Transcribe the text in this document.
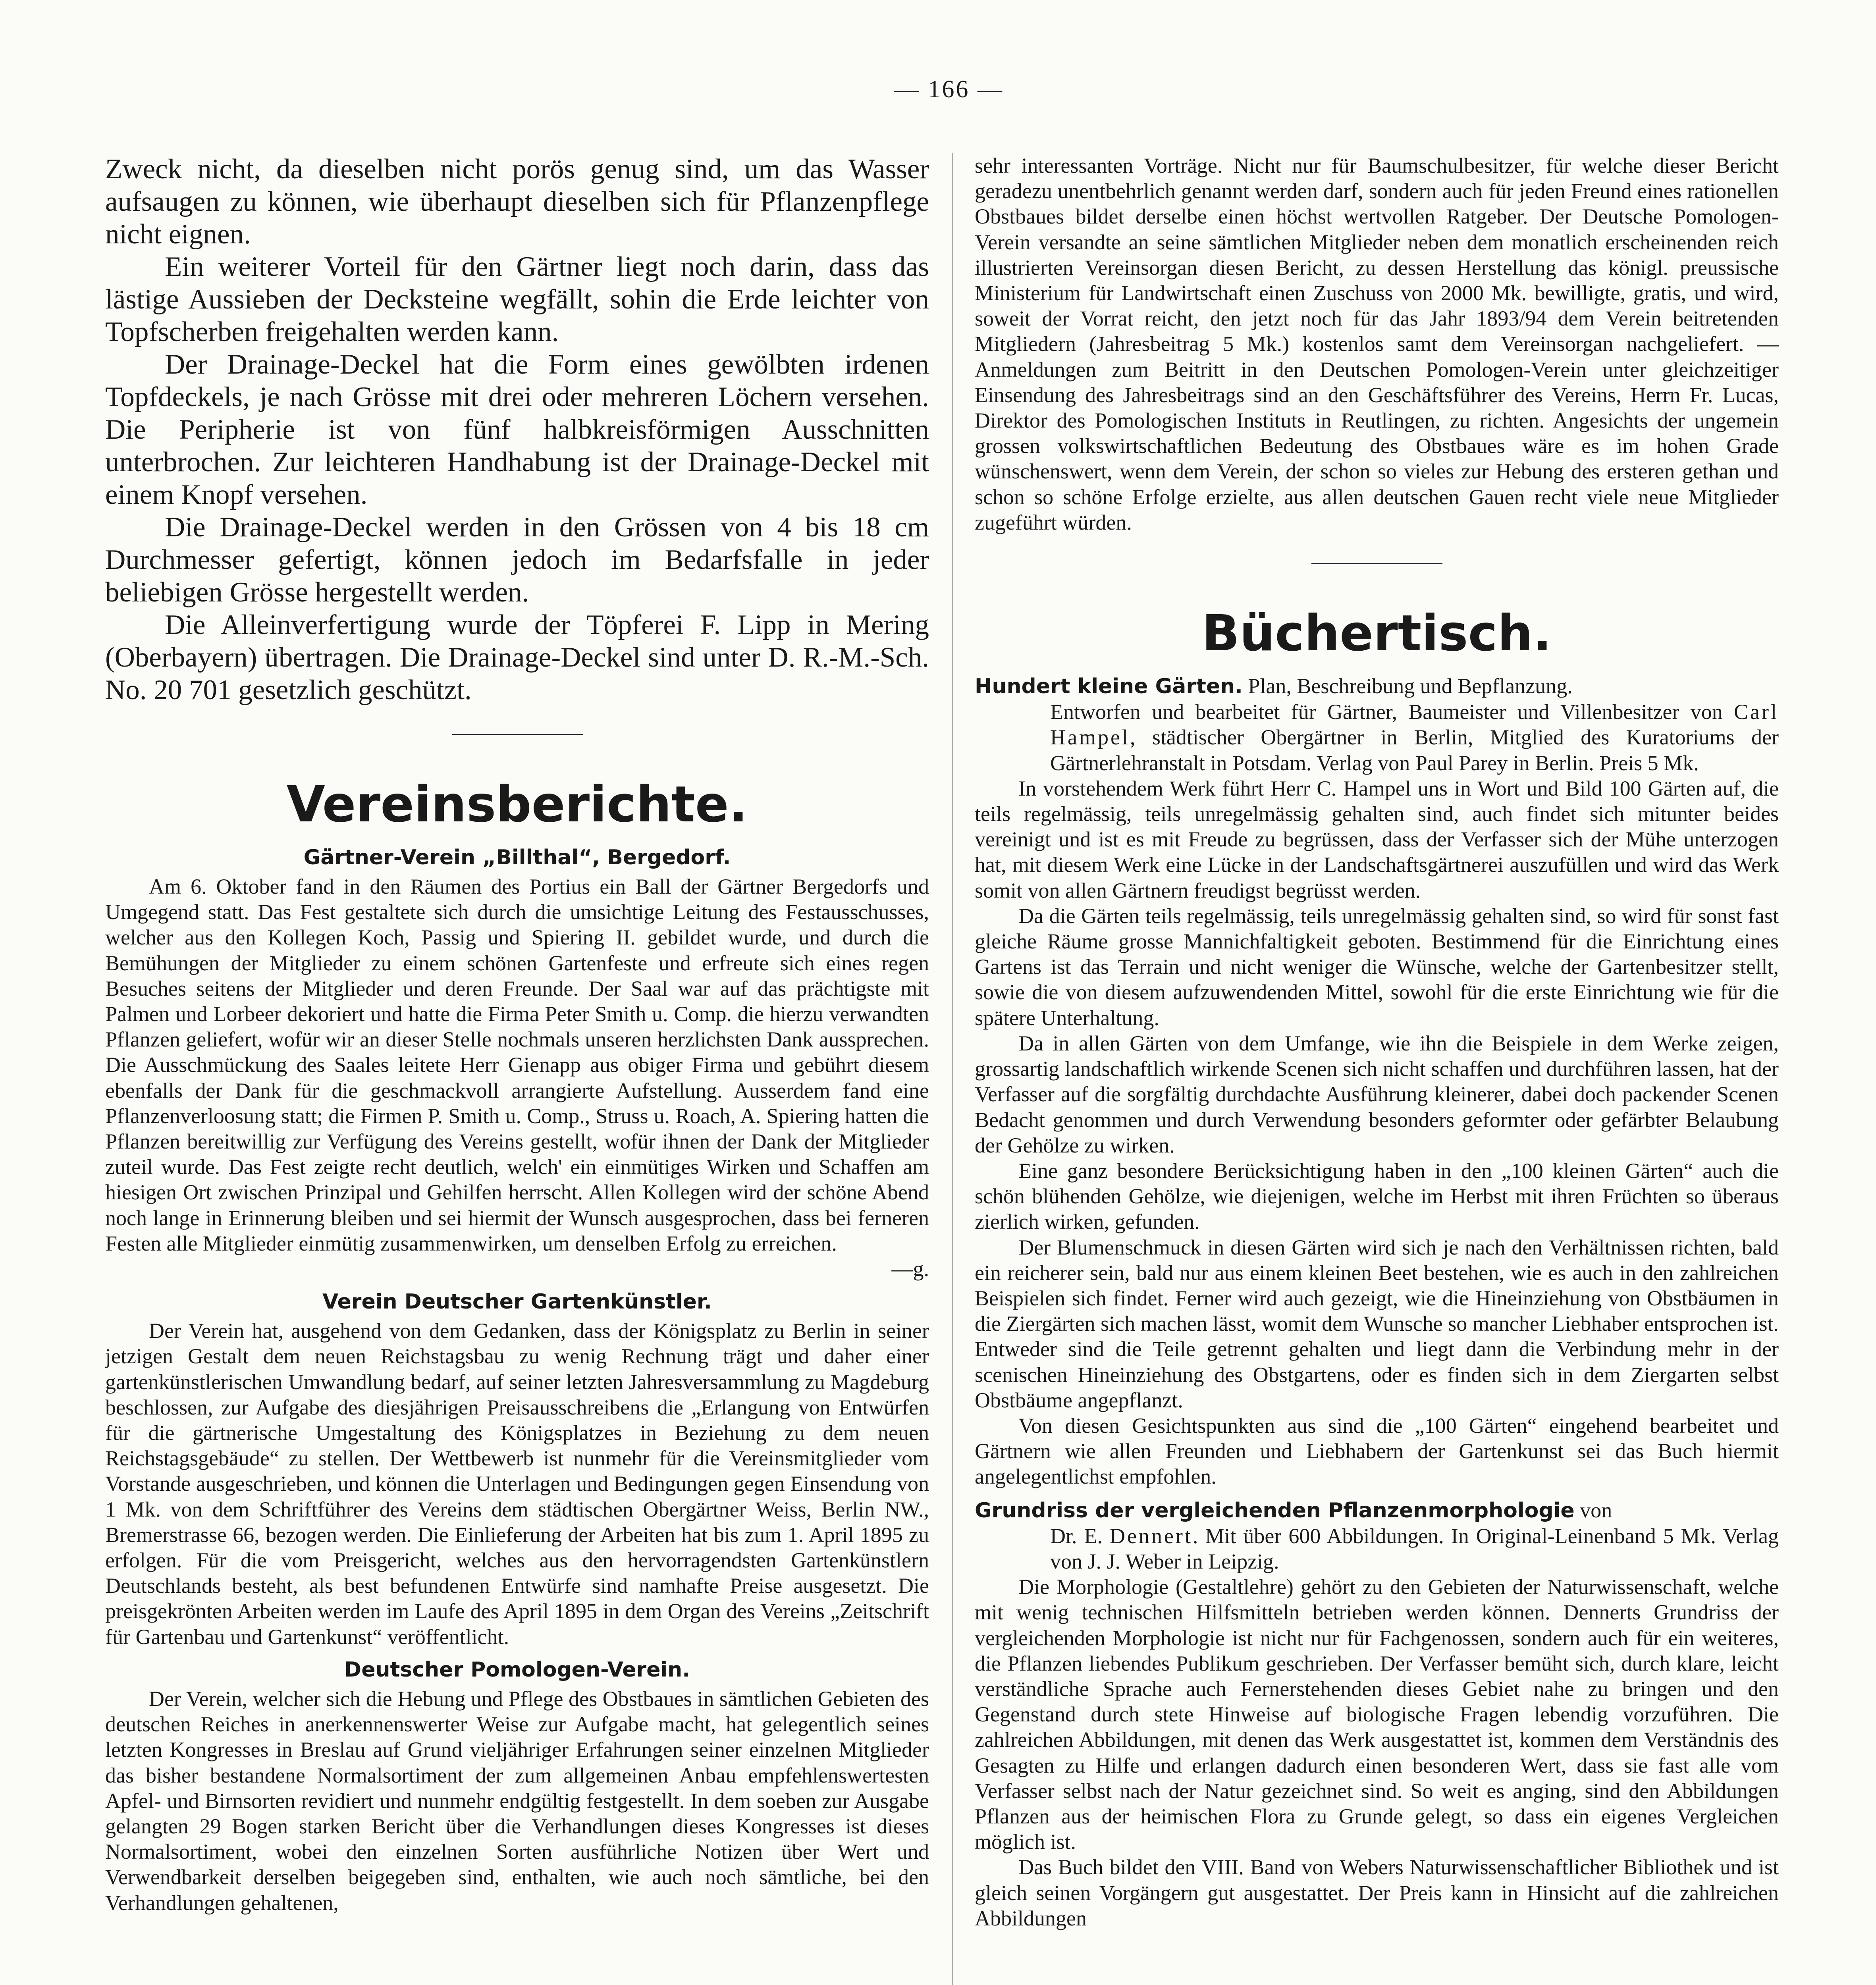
— 166 —

Zweck nicht, da dieselben nicht porös genug sind, um das Wasser aufsaugen zu können, wie überhaupt dieselben sich für Pflanzenpflege nicht eignen.

Ein weiterer Vorteil für den Gärtner liegt noch darin, dass das lästige Aussieben der Decksteine wegfällt, sohin die Erde leichter von Topfscherben freigehalten werden kann.

Der Drainage-Deckel hat die Form eines gewölbten irdenen Topfdeckels, je nach Grösse mit drei oder mehreren Löchern versehen. Die Peripherie ist von fünf halbkreisförmigen Ausschnitten unterbrochen. Zur leichteren Handhabung ist der Drainage-Deckel mit einem Knopf versehen.

Die Drainage-Deckel werden in den Grössen von 4 bis 18 cm Durchmesser gefertigt, können jedoch im Bedarfsfalle in jeder beliebigen Grösse hergestellt werden.

Die Alleinverfertigung wurde der Töpferei F. Lipp in Mering (Oberbayern) übertragen. Die Drainage-Deckel sind unter D. R.-M.-Sch. No. 20 701 gesetzlich geschützt.

Vereinsberichte.
Gärtner-Verein „Billthal“, Bergedorf.

Am 6. Oktober fand in den Räumen des Portius ein Ball der Gärtner Bergedorfs und Umgegend statt. Das Fest gestaltete sich durch die umsichtige Leitung des Festausschusses, welcher aus den Kollegen Koch, Passig und Spiering II. gebildet wurde, und durch die Bemühungen der Mitglieder zu einem schönen Gartenfeste und erfreute sich eines regen Besuches seitens der Mitglieder und deren Freunde. Der Saal war auf das prächtigste mit Palmen und Lorbeer dekoriert und hatte die Firma Peter Smith u. Comp. die hierzu verwandten Pflanzen geliefert, wofür wir an dieser Stelle nochmals unseren herzlichsten Dank aussprechen. Die Ausschmückung des Saales leitete Herr Gienapp aus obiger Firma und gebührt diesem ebenfalls der Dank für die geschmackvoll arrangierte Aufstellung. Ausserdem fand eine Pflanzenverloosung statt; die Firmen P. Smith u. Comp., Struss u. Roach, A. Spiering hatten die Pflanzen bereitwillig zur Verfügung des Vereins gestellt, wofür ihnen der Dank der Mitglieder zuteil wurde. Das Fest zeigte recht deutlich, welch' ein einmütiges Wirken und Schaffen am hiesigen Ort zwischen Prinzipal und Gehilfen herrscht. Allen Kollegen wird der schöne Abend noch lange in Erinnerung bleiben und sei hiermit der Wunsch ausgesprochen, dass bei ferneren Festen alle Mitglieder einmütig zusammenwirken, um denselben Erfolg zu erreichen.
—g.

Verein Deutscher Gartenkünstler.

Der Verein hat, ausgehend von dem Gedanken, dass der Königsplatz zu Berlin in seiner jetzigen Gestalt dem neuen Reichstagsbau zu wenig Rechnung trägt und daher einer gartenkünstlerischen Umwandlung bedarf, auf seiner letzten Jahresversammlung zu Magdeburg beschlossen, zur Aufgabe des diesjährigen Preisausschreibens die „Erlangung von Entwürfen für die gärtnerische Umgestaltung des Königsplatzes in Beziehung zu dem neuen Reichstagsgebäude“ zu stellen. Der Wettbewerb ist nunmehr für die Vereinsmitglieder vom Vorstande ausgeschrieben, und können die Unterlagen und Bedingungen gegen Einsendung von 1 Mk. von dem Schriftführer des Vereins dem städtischen Obergärtner Weiss, Berlin NW., Bremerstrasse 66, bezogen werden. Die Einlieferung der Arbeiten hat bis zum 1. April 1895 zu erfolgen. Für die vom Preisgericht, welches aus den hervorragendsten Gartenkünstlern Deutschlands besteht, als best befundenen Entwürfe sind namhafte Preise ausgesetzt. Die preisgekrönten Arbeiten werden im Laufe des April 1895 in dem Organ des Vereins „Zeitschrift für Gartenbau und Gartenkunst“ veröffentlicht.

Deutscher Pomologen-Verein.

Der Verein, welcher sich die Hebung und Pflege des Obstbaues in sämtlichen Gebieten des deutschen Reiches in anerkennenswerter Weise zur Aufgabe macht, hat gelegentlich seines letzten Kongresses in Breslau auf Grund vieljähriger Erfahrungen seiner einzelnen Mitglieder das bisher bestandene Normalsortiment der zum allgemeinen Anbau empfehlenswertesten Apfel- und Birnsorten revidiert und nunmehr endgültig festgestellt. In dem soeben zur Ausgabe gelangten 29 Bogen starken Bericht über die Verhandlungen dieses Kongresses ist dieses Normalsortiment, wobei den einzelnen Sorten ausführliche Notizen über Wert und Verwendbarkeit derselben beigegeben sind, enthalten, wie auch noch sämtliche, bei den Verhandlungen gehaltenen,

sehr interessanten Vorträge. Nicht nur für Baumschulbesitzer, für welche dieser Bericht geradezu unentbehrlich genannt werden darf, sondern auch für jeden Freund eines rationellen Obstbaues bildet derselbe einen höchst wertvollen Ratgeber. Der Deutsche Pomologen-Verein versandte an seine sämtlichen Mitglieder neben dem monatlich erscheinenden reich illustrierten Vereinsorgan diesen Bericht, zu dessen Herstellung das königl. preussische Ministerium für Landwirtschaft einen Zuschuss von 2000 Mk. bewilligte, gratis, und wird, soweit der Vorrat reicht, den jetzt noch für das Jahr 1893/94 dem Verein beitretenden Mitgliedern (Jahresbeitrag 5 Mk.) kostenlos samt dem Vereinsorgan nachgeliefert. — Anmeldungen zum Beitritt in den Deutschen Pomologen-Verein unter gleichzeitiger Einsendung des Jahresbeitrags sind an den Geschäftsführer des Vereins, Herrn Fr. Lucas, Direktor des Pomologischen Instituts in Reutlingen, zu richten. Angesichts der ungemein grossen volkswirtschaftlichen Bedeutung des Obstbaues wäre es im hohen Grade wünschenswert, wenn dem Verein, der schon so vieles zur Hebung des ersteren gethan und schon so schöne Erfolge erzielte, aus allen deutschen Gauen recht viele neue Mitglieder zugeführt würden.

Büchertisch.

Hundert kleine Gärten. Plan, Beschreibung und Bepflanzung.

Entworfen und bearbeitet für Gärtner, Baumeister und Villenbesitzer von Carl Hampel, städtischer Obergärtner in Berlin, Mitglied des Kuratoriums der Gärtnerlehranstalt in Potsdam. Verlag von Paul Parey in Berlin. Preis 5 Mk.

In vorstehendem Werk führt Herr C. Hampel uns in Wort und Bild 100 Gärten auf, die teils regelmässig, teils unregelmässig gehalten sind, auch findet sich mitunter beides vereinigt und ist es mit Freude zu begrüssen, dass der Verfasser sich der Mühe unterzogen hat, mit diesem Werk eine Lücke in der Landschaftsgärtnerei auszufüllen und wird das Werk somit von allen Gärtnern freudigst begrüsst werden.

Da die Gärten teils regelmässig, teils unregelmässig gehalten sind, so wird für sonst fast gleiche Räume grosse Mannichfaltigkeit geboten. Bestimmend für die Einrichtung eines Gartens ist das Terrain und nicht weniger die Wünsche, welche der Gartenbesitzer stellt, sowie die von diesem aufzuwendenden Mittel, sowohl für die erste Einrichtung wie für die spätere Unterhaltung.

Da in allen Gärten von dem Umfange, wie ihn die Beispiele in dem Werke zeigen, grossartig landschaftlich wirkende Scenen sich nicht schaffen und durchführen lassen, hat der Verfasser auf die sorgfältig durchdachte Ausführung kleinerer, dabei doch packender Scenen Bedacht genommen und durch Verwendung besonders geformter oder gefärbter Belaubung der Gehölze zu wirken.

Eine ganz besondere Berücksichtigung haben in den „100 kleinen Gärten“ auch die schön blühenden Gehölze, wie diejenigen, welche im Herbst mit ihren Früchten so überaus zierlich wirken, gefunden.

Der Blumenschmuck in diesen Gärten wird sich je nach den Verhältnissen richten, bald ein reicherer sein, bald nur aus einem kleinen Beet bestehen, wie es auch in den zahlreichen Beispielen sich findet. Ferner wird auch gezeigt, wie die Hineinziehung von Obstbäumen in die Ziergärten sich machen lässt, womit dem Wunsche so mancher Liebhaber entsprochen ist. Entweder sind die Teile getrennt gehalten und liegt dann die Verbindung mehr in der scenischen Hineinziehung des Obstgartens, oder es finden sich in dem Ziergarten selbst Obstbäume angepflanzt.

Von diesen Gesichtspunkten aus sind die „100 Gärten“ eingehend bearbeitet und Gärtnern wie allen Freunden und Liebhabern der Gartenkunst sei das Buch hiermit angelegentlichst empfohlen.

Grundriss der vergleichenden Pflanzenmorphologie von

Dr. E. Dennert. Mit über 600 Abbildungen. In Original-Leinenband 5 Mk. Verlag von J. J. Weber in Leipzig.

Die Morphologie (Gestaltlehre) gehört zu den Gebieten der Naturwissenschaft, welche mit wenig technischen Hilfsmitteln betrieben werden können. Dennerts Grundriss der vergleichenden Morphologie ist nicht nur für Fachgenossen, sondern auch für ein weiteres, die Pflanzen liebendes Publikum geschrieben. Der Verfasser bemüht sich, durch klare, leicht verständliche Sprache auch Fernerstehenden dieses Gebiet nahe zu bringen und den Gegenstand durch stete Hinweise auf biologische Fragen lebendig vorzuführen. Die zahlreichen Abbildungen, mit denen das Werk ausgestattet ist, kommen dem Verständnis des Gesagten zu Hilfe und erlangen dadurch einen besonderen Wert, dass sie fast alle vom Verfasser selbst nach der Natur gezeichnet sind. So weit es anging, sind den Abbildungen Pflanzen aus der heimischen Flora zu Grunde gelegt, so dass ein eigenes Vergleichen möglich ist.

Das Buch bildet den VIII. Band von Webers Naturwissenschaftlicher Bibliothek und ist gleich seinen Vorgängern gut ausgestattet. Der Preis kann in Hinsicht auf die zahlreichen Abbildungen
